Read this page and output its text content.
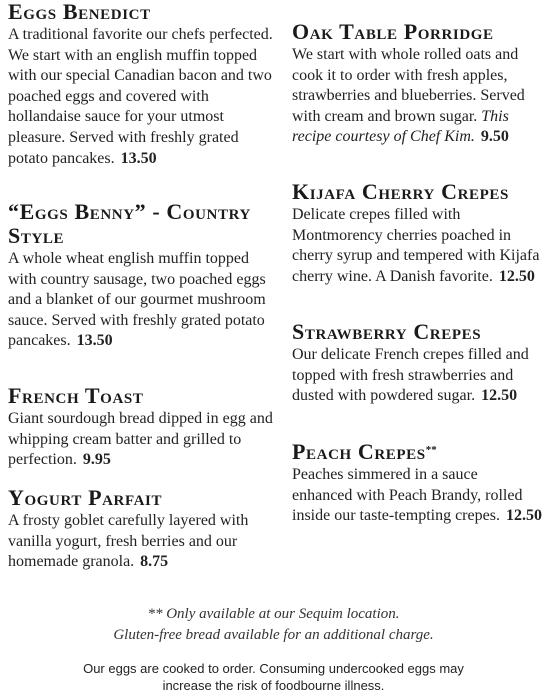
Eggs Benedict

A traditional favorite our chefs perfected. We start with an english muffin topped with our special Canadian bacon and two poached eggs and covered with hollandaise sauce for your utmost pleasure. Served with freshly grated potato pancakes. 13.50

“Eggs Benny” - Country Style

A whole wheat english muffin topped with country sausage, two poached eggs and a blanket of our gourmet mushroom sauce. Served with freshly grated potato pancakes. 13.50

French Toast

Giant sourdough bread dipped in egg and whipping cream batter and grilled to perfection. 9.95

Yogurt Parfait

A frosty goblet carefully layered with vanilla yogurt, fresh berries and our homemade granola. 8.75

Oak Table Porridge

We start with whole rolled oats and cook it to order with fresh apples, strawberries and blueberries. Served with cream and brown sugar. This recipe courtesy of Chef Kim. 9.50

Kijafa Cherry Crepes

Delicate crepes filled with Montmorency cherries poached in cherry syrup and tempered with Kijafa cherry wine. A Danish favorite. 12.50

Strawberry Crepes

Our delicate French crepes filled and topped with fresh strawberries and dusted with powdered sugar. 12.50

Peach Crepes**

Peaches simmered in a sauce enhanced with Peach Brandy, rolled inside our taste-tempting crepes. 12.50

** Only available at our Sequim location.
Gluten-free bread available for an additional charge.
Our eggs are cooked to order. Consuming undercooked eggs may
increase the risk of foodbourne illness.
